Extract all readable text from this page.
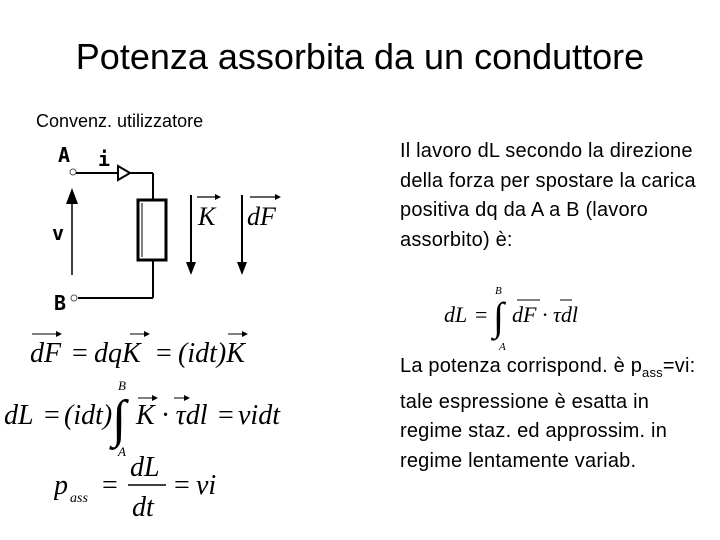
Potenza assorbita da un conduttore
Convenz. utilizzatore
A i
v
B
K dF
Il lavoro dL secondo la direzione della forza per spostare la carica positiva dq da A a B (lavoro assorbito) è:
dL =
B
∫
A
dF · τdl
La potenza corrispond. è $p_{ass}=vi$: tale espressione è esatta in regime staz. ed approssim. in regime lentamente variab.
dF = dqK = (idt)K
dL = (idt)
B
∫
A
K · τdl = vidt
p ass =
dL
dt
= vi
